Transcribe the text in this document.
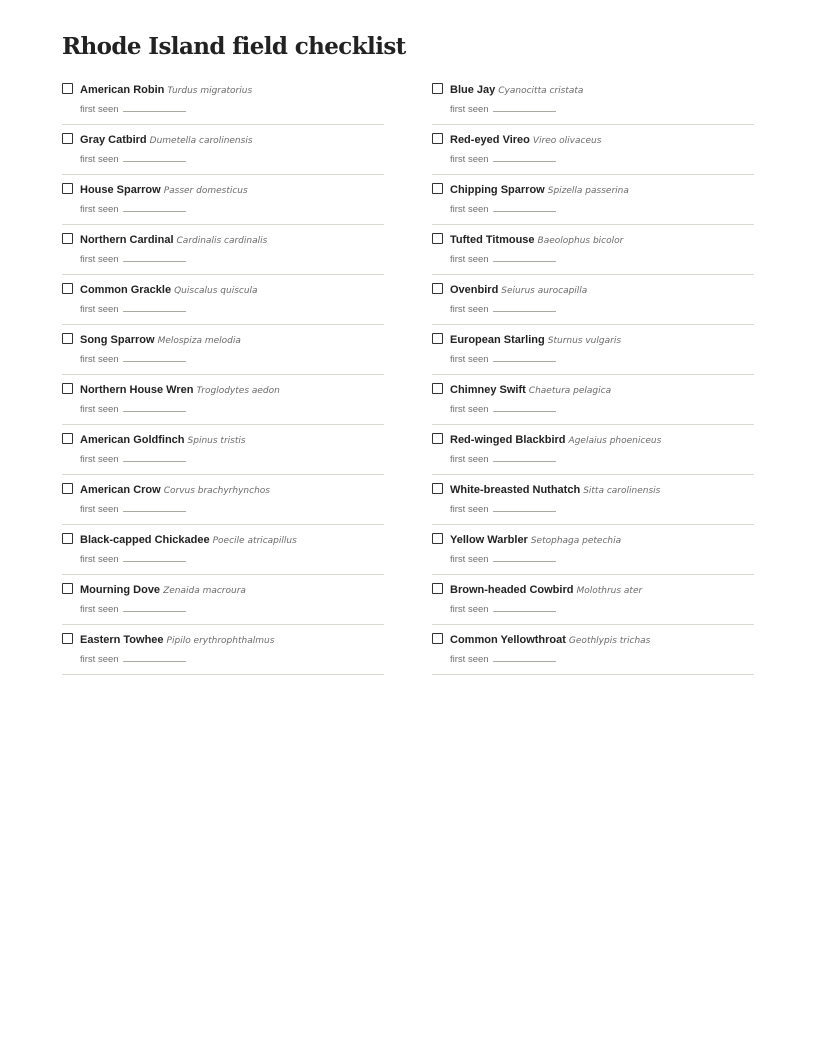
Rhode Island field checklist
American Robin Turdus migratorius
first seen
Gray Catbird Dumetella carolinensis
first seen
House Sparrow Passer domesticus
first seen
Northern Cardinal Cardinalis cardinalis
first seen
Common Grackle Quiscalus quiscula
first seen
Song Sparrow Melospiza melodia
first seen
Northern House Wren Troglodytes aedon
first seen
American Goldfinch Spinus tristis
first seen
American Crow Corvus brachyrhynchos
first seen
Black-capped Chickadee Poecile atricapillus
first seen
Mourning Dove Zenaida macroura
first seen
Eastern Towhee Pipilo erythrophthalmus
first seen
Blue Jay Cyanocitta cristata
first seen
Red-eyed Vireo Vireo olivaceus
first seen
Chipping Sparrow Spizella passerina
first seen
Tufted Titmouse Baeolophus bicolor
first seen
Ovenbird Seiurus aurocapilla
first seen
European Starling Sturnus vulgaris
first seen
Chimney Swift Chaetura pelagica
first seen
Red-winged Blackbird Agelaius phoeniceus
first seen
White-breasted Nuthatch Sitta carolinensis
first seen
Yellow Warbler Setophaga petechia
first seen
Brown-headed Cowbird Molothrus ater
first seen
Common Yellowthroat Geothlypis trichas
first seen
